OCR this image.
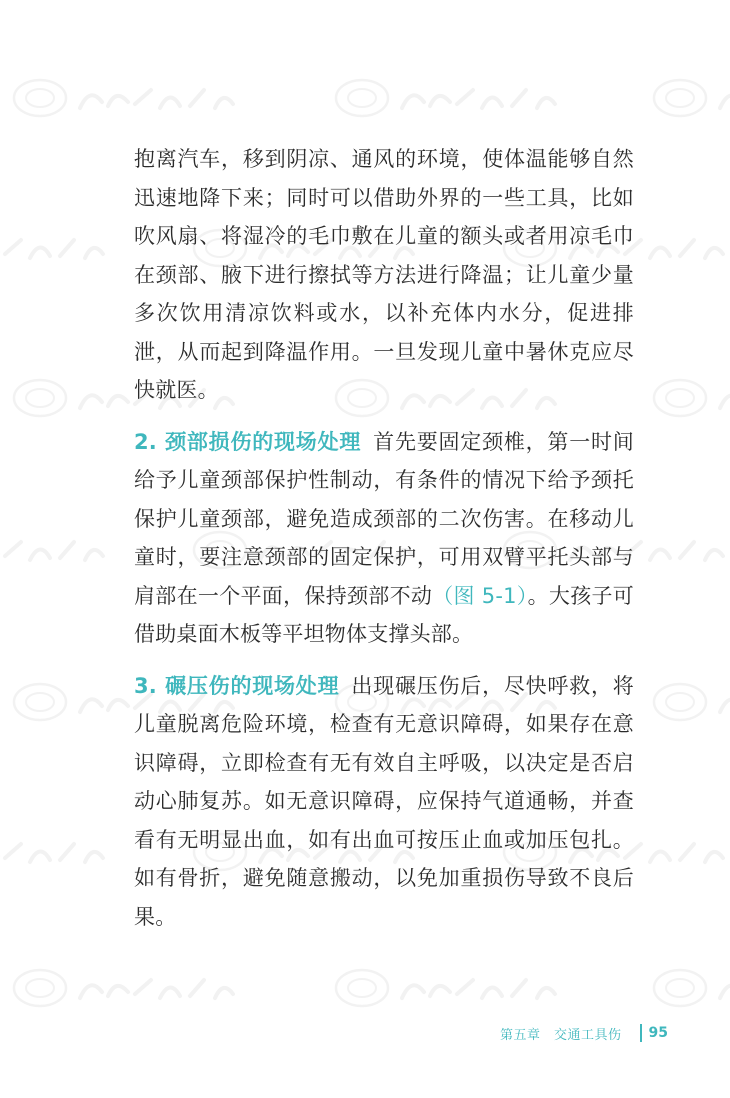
抱离汽车，移到阴凉、通风的环境，使体温能够自然迅速地降下来；同时可以借助外界的一些工具，比如吹风扇、将湿冷的毛巾敷在儿童的额头或者用凉毛巾在颈部、腋下进行擦拭等方法进行降温；让儿童少量多次饮用清凉饮料或水，以补充体内水分，促进排泄，从而起到降温作用。一旦发现儿童中暑休克应尽快就医。

2. 颈部损伤的现场处理 首先要固定颈椎，第一时间给予儿童颈部保护性制动，有条件的情况下给予颈托保护儿童颈部，避免造成颈部的二次伤害。在移动儿童时，要注意颈部的固定保护，可用双臂平托头部与肩部在一个平面，保持颈部不动（图 5-1）。大孩子可借助桌面木板等平坦物体支撑头部。

3. 碾压伤的现场处理 出现碾压伤后，尽快呼救，将儿童脱离危险环境，检查有无意识障碍，如果存在意识障碍，立即检查有无有效自主呼吸，以决定是否启动心肺复苏。如无意识障碍，应保持气道通畅，并查看有无明显出血，如有出血可按压止血或加压包扎。如有骨折，避免随意搬动，以免加重损伤导致不良后果。

第五章　交通工具伤 95
